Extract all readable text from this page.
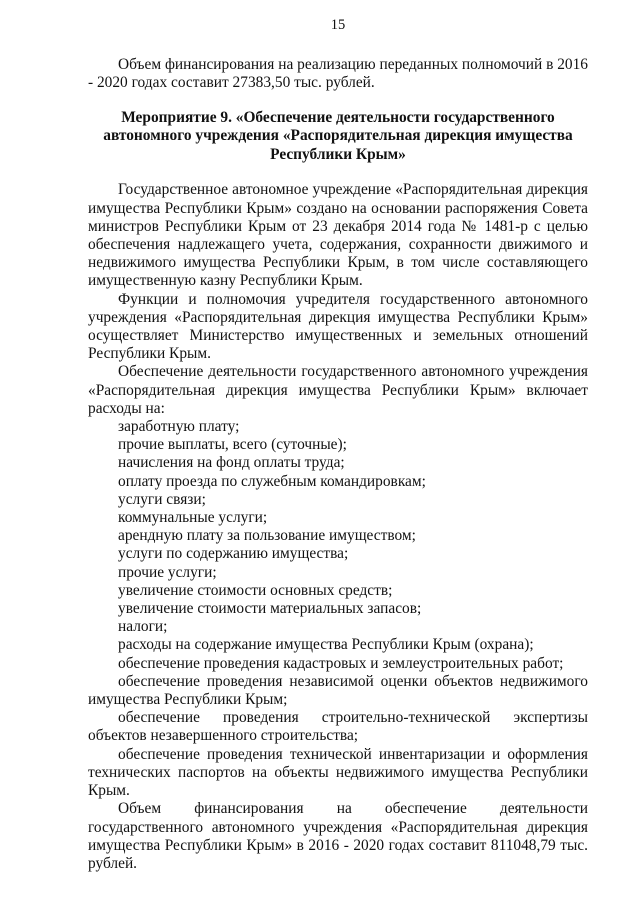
15

Объем финансирования на реализацию переданных полномочий в 2016 - 2020 годах составит 27383,50 тыс. рублей.

Мероприятие 9. «Обеспечение деятельности государственного автономного учреждения «Распорядительная дирекция имущества Республики Крым»

Государственное автономное учреждение «Распорядительная дирекция имущества Республики Крым» создано на основании распоряжения Совета министров Республики Крым от 23 декабря 2014 года № 1481-р с целью обеспечения надлежащего учета, содержания, сохранности движимого и недвижимого имущества Республики Крым, в том числе составляющего имущественную казну Республики Крым.

Функции и полномочия учредителя государственного автономного учреждения «Распорядительная дирекция имущества Республики Крым» осуществляет Министерство имущественных и земельных отношений Республики Крым.

Обеспечение деятельности государственного автономного учреждения «Распорядительная дирекция имущества Республики Крым» включает расходы на:

заработную плату;

прочие выплаты, всего (суточные);

начисления на фонд оплаты труда;

оплату проезда по служебным командировкам;

услуги связи;

коммунальные услуги;

арендную плату за пользование имуществом;

услуги по содержанию имущества;

прочие услуги;

увеличение стоимости основных средств;

увеличение стоимости материальных запасов;

налоги;

расходы на содержание имущества Республики Крым (охрана);

обеспечение проведения кадастровых и землеустроительных работ;

обеспечение проведения независимой оценки объектов недвижимого имущества Республики Крым;

обеспечение проведения строительно-технической экспертизы объектов незавершенного строительства;

обеспечение проведения технической инвентаризации и оформления технических паспортов на объекты недвижимого имущества Республики Крым.

Объем финансирования на обеспечение деятельности государственного автономного учреждения «Распорядительная дирекция имущества Республики Крым» в 2016 - 2020 годах составит 811048,79 тыс. рублей.
